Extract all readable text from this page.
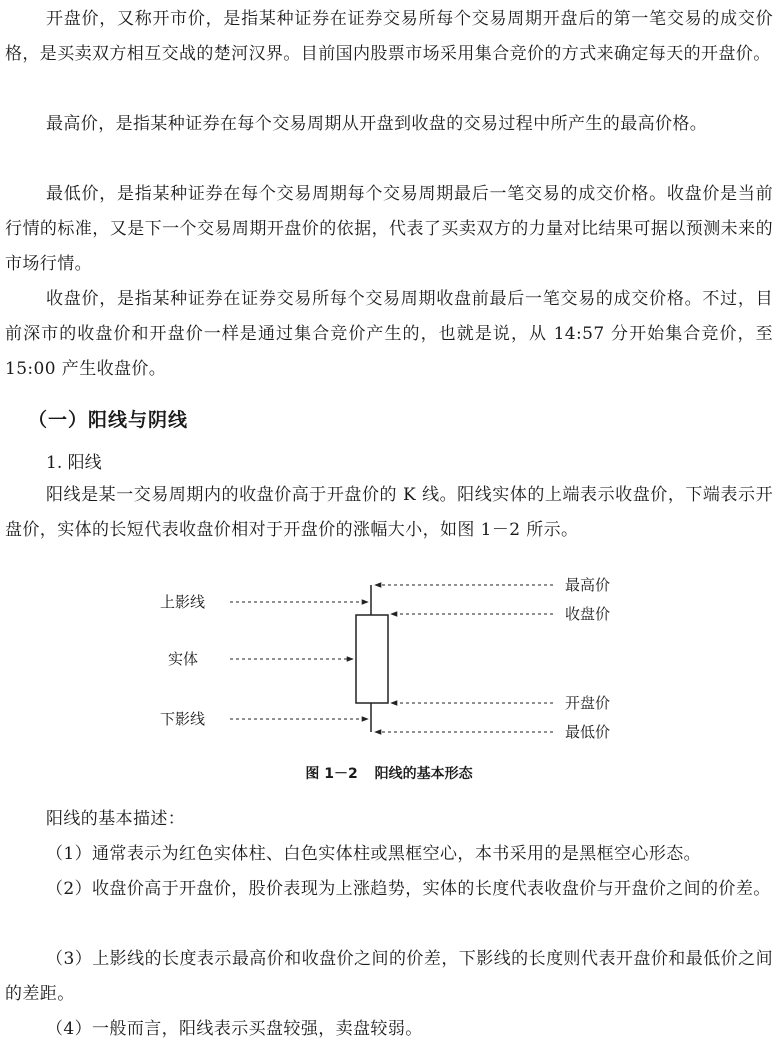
开盘价，又称开市价，是指某种证券在证券交易所每个交易周期开盘后的第一笔交易的成交价格，是买卖双方相互交战的楚河汉界。目前国内股票市场采用集合竞价的方式来确定每天的开盘价。

最高价，是指某种证券在每个交易周期从开盘到收盘的交易过程中所产生的最高价格。

最低价，是指某种证券在每个交易周期每个交易周期最后一笔交易的成交价格。收盘价是当前行情的标准，又是下一个交易周期开盘价的依据，代表了买卖双方的力量对比结果可据以预测未来的市场行情。

收盘价，是指某种证券在证券交易所每个交易周期收盘前最后一笔交易的成交价格。不过，目前深市的收盘价和开盘价一样是通过集合竞价产生的，也就是说，从 14:57 分开始集合竞价，至 15:00 产生收盘价。

（一）阳线与阴线
1. 阳线

阳线是某一交易周期内的收盘价高于开盘价的 K 线。阳线实体的上端表示收盘价，下端表示开盘价，实体的长短代表收盘价相对于开盘价的涨幅大小，如图 1－2 所示。

上影线
实体
下影线
最高价
收盘价
开盘价
最低价
图 1－2 阳线的基本形态

阳线的基本描述：

（1）通常表示为红色实体柱、白色实体柱或黑框空心，本书采用的是黑框空心形态。

（2）收盘价高于开盘价，股价表现为上涨趋势，实体的长度代表收盘价与开盘价之间的价差。

（3）上影线的长度表示最高价和收盘价之间的价差，下影线的长度则代表开盘价和最低价之间的差距。

（4）一般而言，阳线表示买盘较强，卖盘较弱。
